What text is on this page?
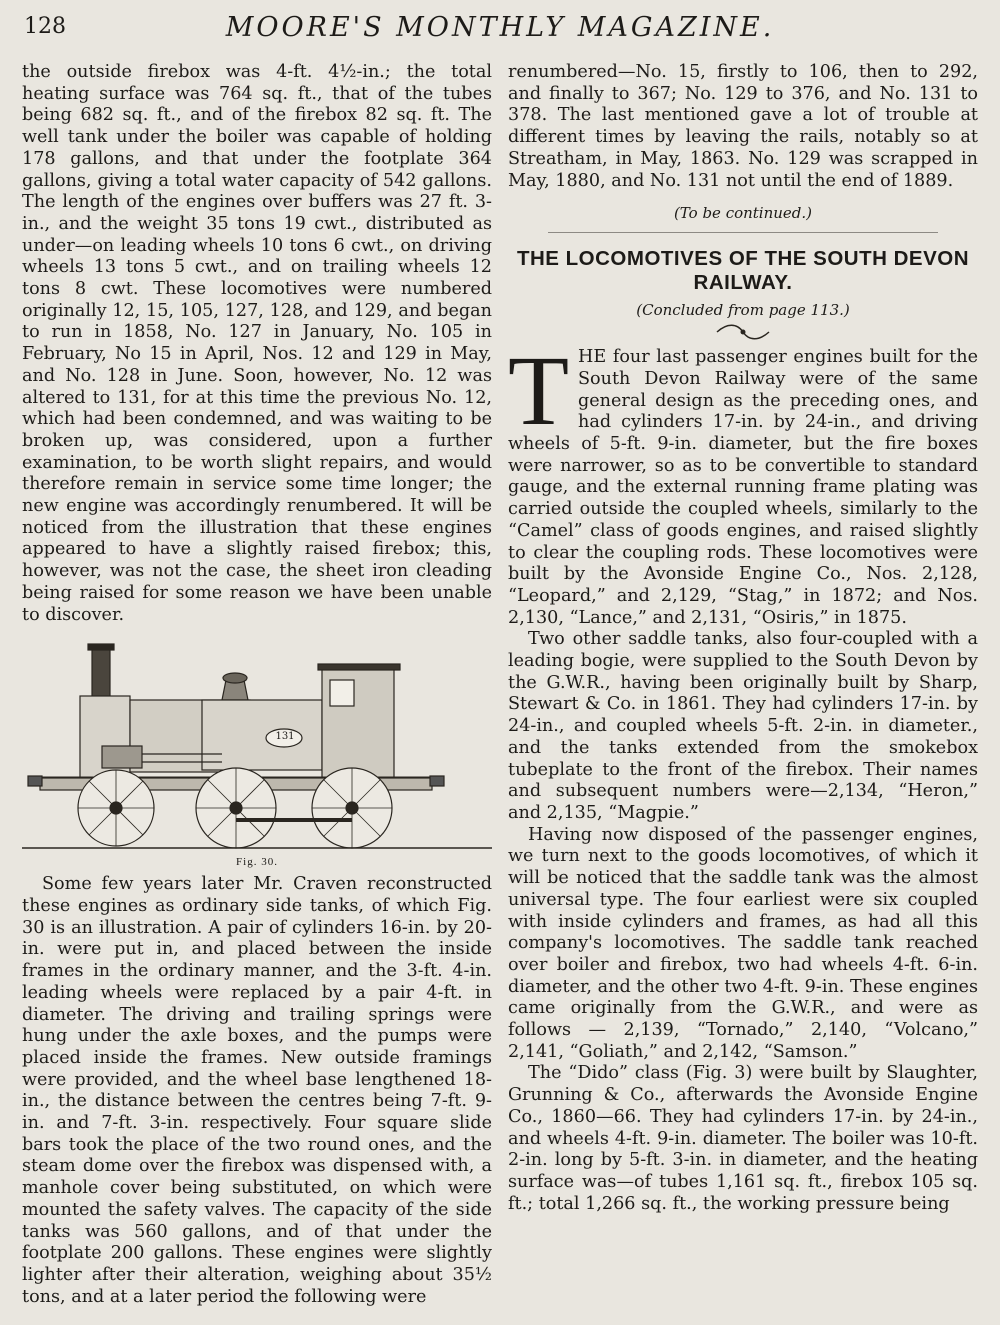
128	MOORE'S MONTHLY MAGAZINE.

the outside firebox was 4-ft. 4½-in.; the total heating surface was 764 sq. ft., that of the tubes being 682 sq. ft., and of the firebox 82 sq. ft. The well tank under the boiler was capable of holding 178 gallons, and that under the footplate 364 gallons, giving a total water capacity of 542 gallons. The length of the engines over buffers was 27 ft. 3-in., and the weight 35 tons 19 cwt., distributed as under—on leading wheels 10 tons 6 cwt., on driving wheels 13 tons 5 cwt., and on trailing wheels 12 tons 8 cwt. These locomotives were numbered originally 12, 15, 105, 127, 128, and 129, and began to run in 1858, No. 127 in January, No. 105 in February, No 15 in April, Nos. 12 and 129 in May, and No. 128 in June. Soon, however, No. 12 was altered to 131, for at this time the previous No. 12, which had been condemned, and was waiting to be broken up, was considered, upon a further examination, to be worth slight repairs, and would therefore remain in service some time longer; the new engine was accordingly renumbered. It will be noticed from the illustration that these engines appeared to have a slightly raised firebox; this, however, was not the case, the sheet iron cleading being raised for some reason we have been unable to discover.

131
Fig. 30.

Some few years later Mr. Craven reconstructed these engines as ordinary side tanks, of which Fig. 30 is an illustration. A pair of cylinders 16-in. by 20-in. were put in, and placed between the inside frames in the ordinary manner, and the 3-ft. 4-in. leading wheels were replaced by a pair 4-ft. in diameter. The driving and trailing springs were hung under the axle boxes, and the pumps were placed inside the frames. New outside framings were provided, and the wheel base lengthened 18-in., the distance between the centres being 7-ft. 9-in. and 7-ft. 3-in. respectively. Four square slide bars took the place of the two round ones, and the steam dome over the firebox was dispensed with, a manhole cover being substituted, on which were mounted the safety valves. The capacity of the side tanks was 560 gallons, and of that under the footplate 200 gallons. These engines were slightly lighter after their alteration, weighing about 35½ tons, and at a later period the following were

renumbered—No. 15, firstly to 106, then to 292, and finally to 367; No. 129 to 376, and No. 131 to 378. The last mentioned gave a lot of trouble at different times by leaving the rails, notably so at Streatham, in May, 1863. No. 129 was scrapped in May, 1880, and No. 131 not until the end of 1889.

(To be continued.)
THE LOCOMOTIVES OF THE SOUTH DEVON RAILWAY.
(Concluded from page 113.)
T HE four last passenger engines built for the South Devon Railway were of the same general design as the preceding ones, and had cylinders 17-in. by 24-in., and driving wheels of 5-ft. 9-in. diameter, but the fire boxes were narrower, so as to be convertible to standard gauge, and the external running frame plating was carried outside the coupled wheels, similarly to the “Camel” class of goods engines, and raised slightly to clear the coupling rods. These locomotives were built by the Avonside Engine Co., Nos. 2,128, “Leopard,” and 2,129, “Stag,” in 1872; and Nos. 2,130, “Lance,” and 2,131, “Osiris,” in 1875.

Two other saddle tanks, also four-coupled with a leading bogie, were supplied to the South Devon by the G.W.R., having been originally built by Sharp, Stewart & Co. in 1861. They had cylinders 17-in. by 24-in., and coupled wheels 5-ft. 2-in. in diameter., and the tanks extended from the smokebox tubeplate to the front of the firebox. Their names and subsequent numbers were—2,134, “Heron,” and 2,135, “Magpie.”

Having now disposed of the passenger engines, we turn next to the goods locomotives, of which it will be noticed that the saddle tank was the almost universal type. The four earliest were six coupled with inside cylinders and frames, as had all this company's locomotives. The saddle tank reached over boiler and firebox, two had wheels 4-ft. 6-in. diameter, and the other two 4-ft. 9-in. These engines came originally from the G.W.R., and were as follows — 2,139, “Tornado,” 2,140, “Volcano,” 2,141, “Goliath,” and 2,142, “Samson.”

The “Dido” class (Fig. 3) were built by Slaughter, Grunning & Co., afterwards the Avonside Engine Co., 1860—66. They had cylinders 17-in. by 24-in., and wheels 4-ft. 9-in. diameter. The boiler was 10-ft. 2-in. long by 5-ft. 3-in. in diameter, and the heating surface was—of tubes 1,161 sq. ft., firebox 105 sq. ft.; total 1,266 sq. ft., the working pressure being
